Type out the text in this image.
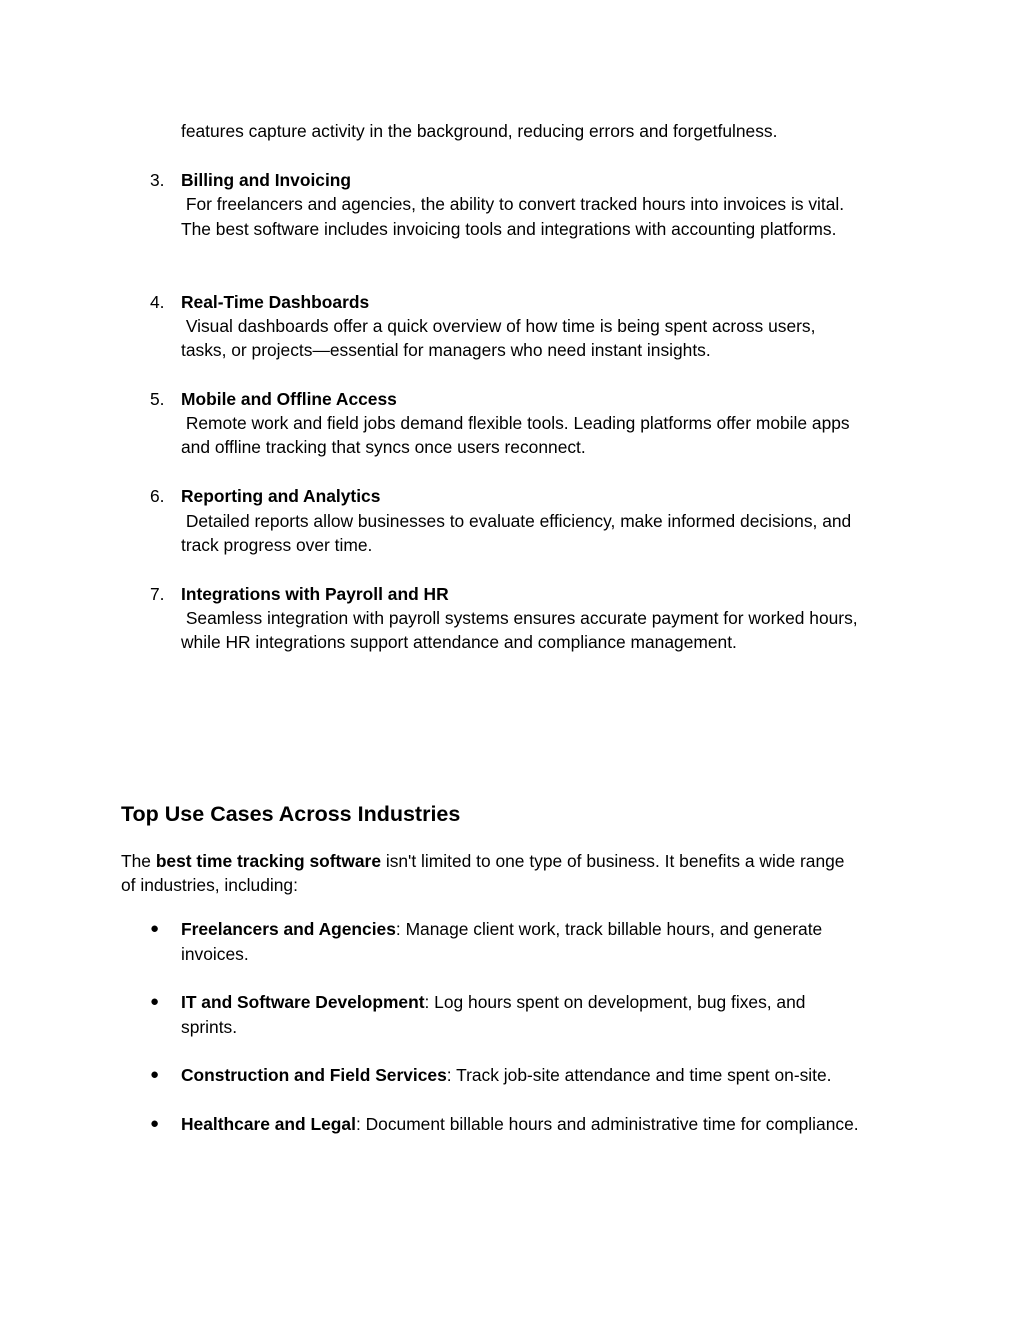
features capture activity in the background, reducing errors and forgetfulness.
3. Billing and Invoicing
For freelancers and agencies, the ability to convert tracked hours into invoices is vital.
The best software includes invoicing tools and integrations with accounting platforms.
4. Real-Time Dashboards
Visual dashboards offer a quick overview of how time is being spent across users,
tasks, or projects—essential for managers who need instant insights.
5. Mobile and Offline Access
Remote work and field jobs demand flexible tools. Leading platforms offer mobile apps
and offline tracking that syncs once users reconnect.
6. Reporting and Analytics
Detailed reports allow businesses to evaluate efficiency, make informed decisions, and
track progress over time.
7. Integrations with Payroll and HR
Seamless integration with payroll systems ensures accurate payment for worked hours,
while HR integrations support attendance and compliance management.
Top Use Cases Across Industries
The best time tracking software isn't limited to one type of business. It benefits a wide range
of industries, including:
● Freelancers and Agencies: Manage client work, track billable hours, and generate
invoices.
● IT and Software Development: Log hours spent on development, bug fixes, and
sprints.
● Construction and Field Services: Track job-site attendance and time spent on-site.
● Healthcare and Legal: Document billable hours and administrative time for compliance.
